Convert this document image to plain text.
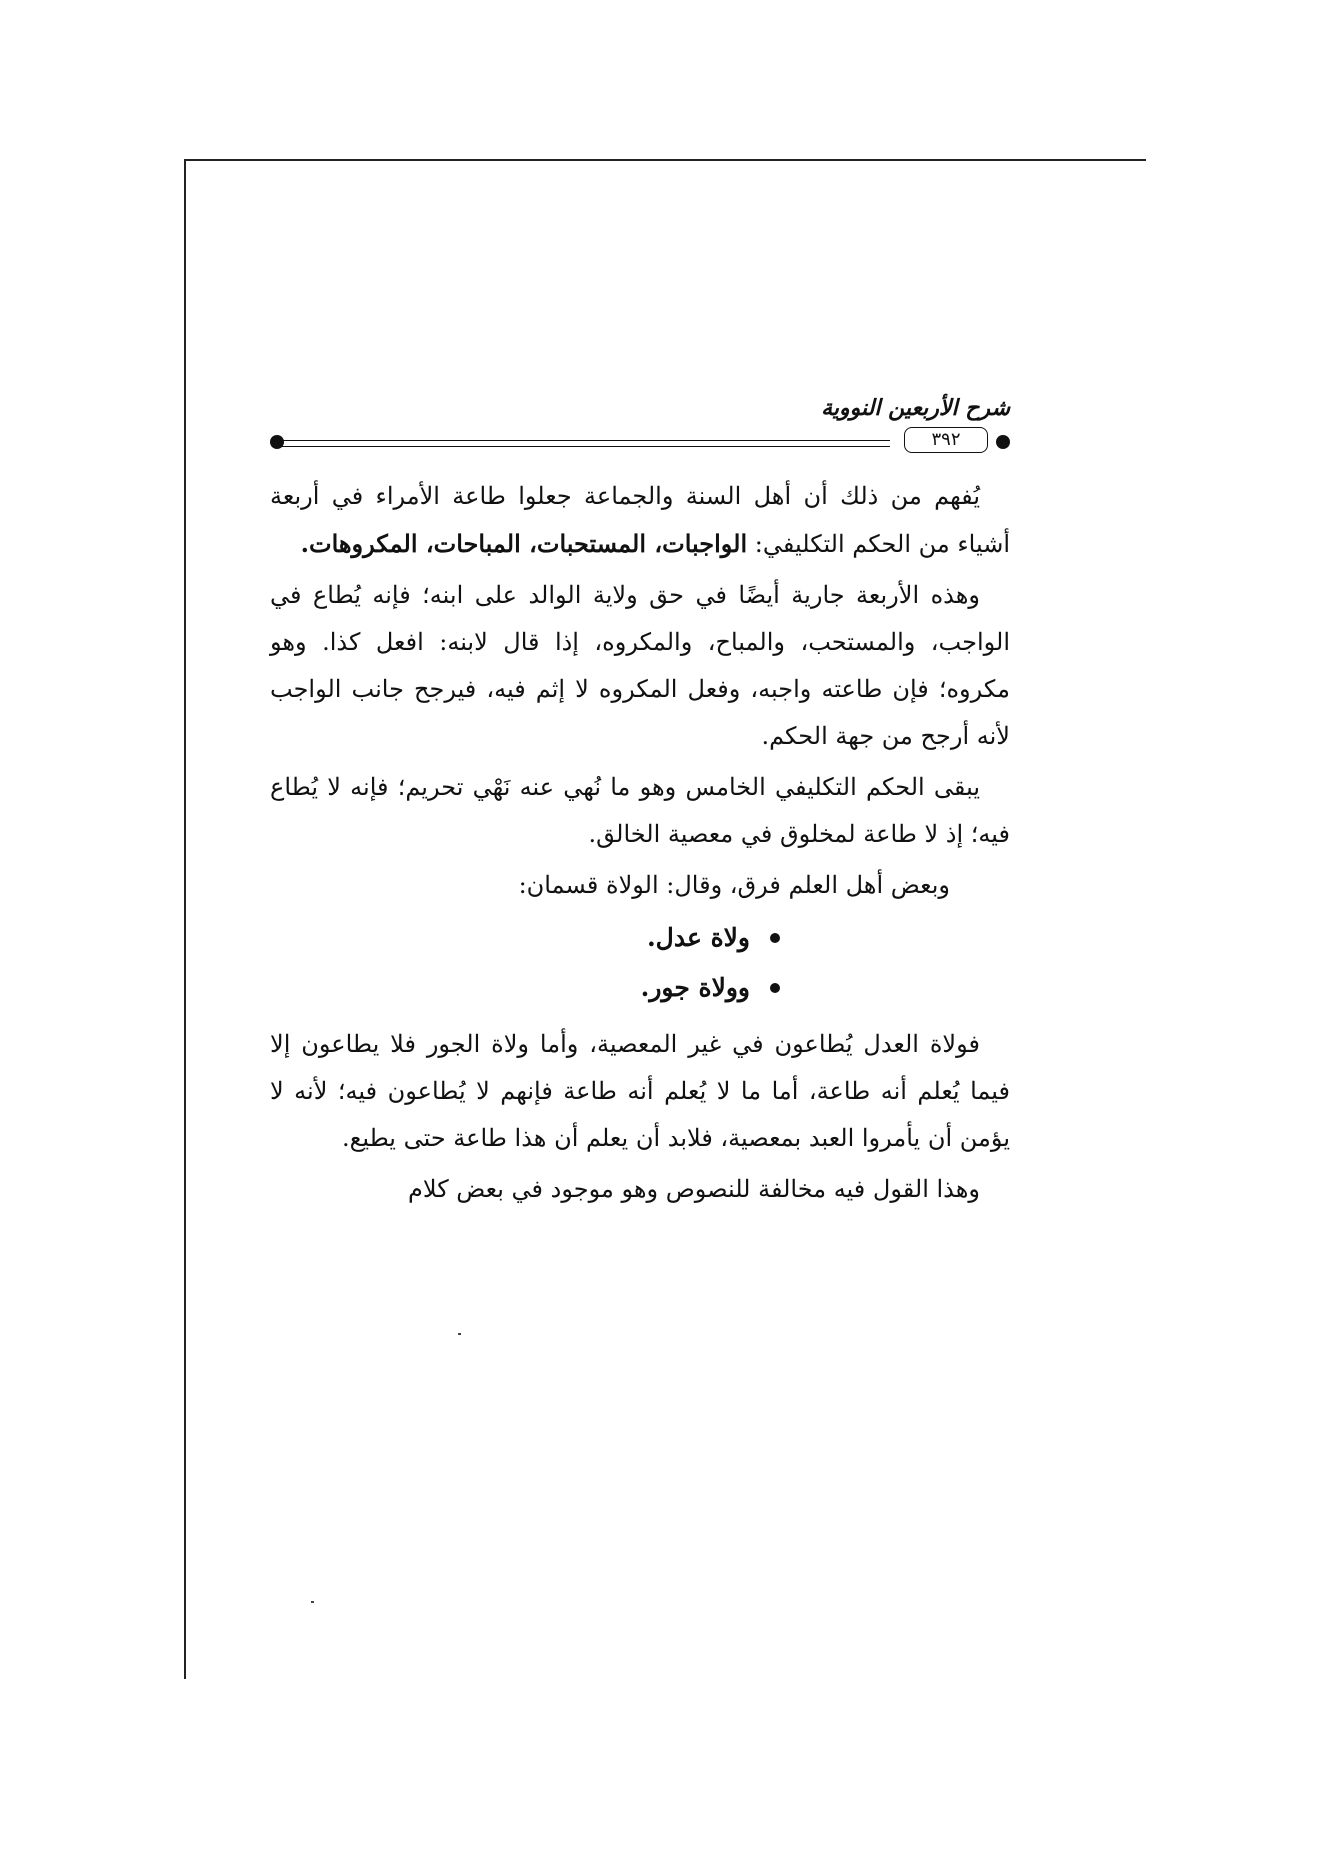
شرح الأربعين النووية
٣٩٢

يُفهم من ذلك أن أهل السنة والجماعة جعلوا طاعة الأمراء في أربعة أشياء من الحكم التكليفي: الواجبات، المستحبات، المباحات، المكروهات.

وهذه الأربعة جارية أيضًا في حق ولاية الوالد على ابنه؛ فإنه يُطاع في الواجب، والمستحب، والمباح، والمكروه، إذا قال لابنه: افعل كذا. وهو مكروه؛ فإن طاعته واجبه، وفعل المكروه لا إثم فيه، فيرجح جانب الواجب لأنه أرجح من جهة الحكم.

يبقى الحكم التكليفي الخامس وهو ما نُهي عنه نَهْي تحريم؛ فإنه لا يُطاع فيه؛ إذ لا طاعة لمخلوق في معصية الخالق.

وبعض أهل العلم فرق، وقال: الولاة قسمان:

ولاة عدل.
وولاة جور.

فولاة العدل يُطاعون في غير المعصية، وأما ولاة الجور فلا يطاعون إلا فيما يُعلم أنه طاعة، أما ما لا يُعلم أنه طاعة فإنهم لا يُطاعون فيه؛ لأنه لا يؤمن أن يأمروا العبد بمعصية، فلابد أن يعلم أن هذا طاعة حتى يطيع.

وهذا القول فيه مخالفة للنصوص وهو موجود في بعض كلام
